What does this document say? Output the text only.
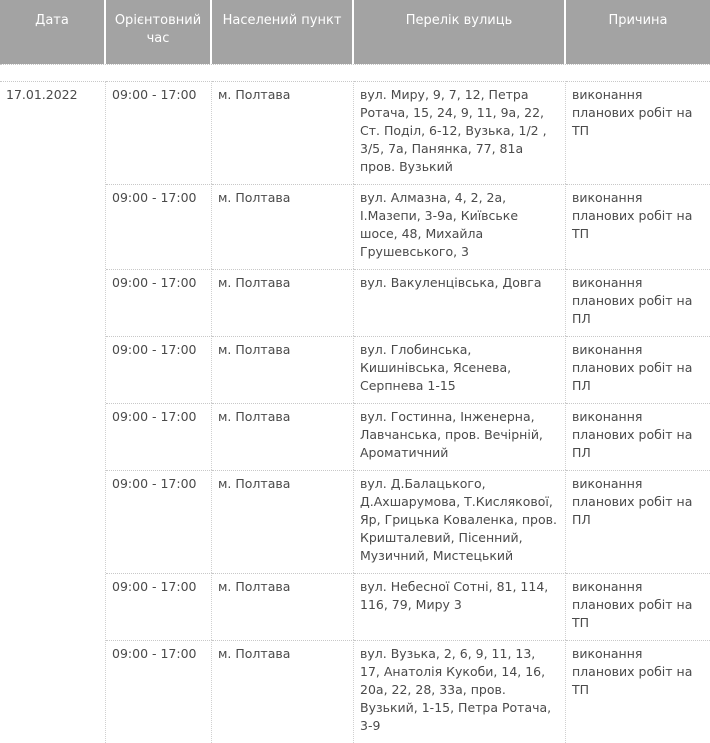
Дата	Орієнтовний час	Населений пункт	Перелік вулиць	Причина

17.01.2022	09:00 - 17:00	м. Полтава	вул. Миру, 9, 7, 12, Петра Ротача, 15, 24, 9, 11, 9а, 22, Ст. Поділ, 6-12, Вузька, 1/2 , 3/5, 7а, Панянка, 77, 81а пров. Вузький	виконання планових робіт на ТП
	09:00 - 17:00	м. Полтава	вул. Алмазна, 4, 2, 2а, І.Мазепи, 3-9а, Київське шосе, 48, Михайла Грушевського, 3	виконання планових робіт на ТП
	09:00 - 17:00	м. Полтава	вул. Вакуленцівська, Довга	виконання планових робіт на ПЛ
	09:00 - 17:00	м. Полтава	вул. Глобинська, Кишинівська, Ясенева, Серпнева 1-15	виконання планових робіт на ПЛ
	09:00 - 17:00	м. Полтава	вул. Гостинна, Інженерна, Лавчанська, пров. Вечірній, Ароматичний	виконання планових робіт на ПЛ
	09:00 - 17:00	м. Полтава	вул. Д.Балацького, Д.Ахшарумова, Т.Кислякової, Яр, Грицька Коваленка, пров. Кришталевий, Пісенний, Музичний, Мистецький	виконання планових робіт на ПЛ
	09:00 - 17:00	м. Полтава	вул. Небесної Сотні, 81, 114, 116, 79, Миру 3	виконання планових робіт на ТП
	09:00 - 17:00	м. Полтава	вул. Вузька, 2, 6, 9, 11, 13, 17, Анатолія Кукоби, 14, 16, 20а, 22, 28, 33а, пров. Вузький, 1-15, Петра Ротача, 3-9	виконання планових робіт на ТП
